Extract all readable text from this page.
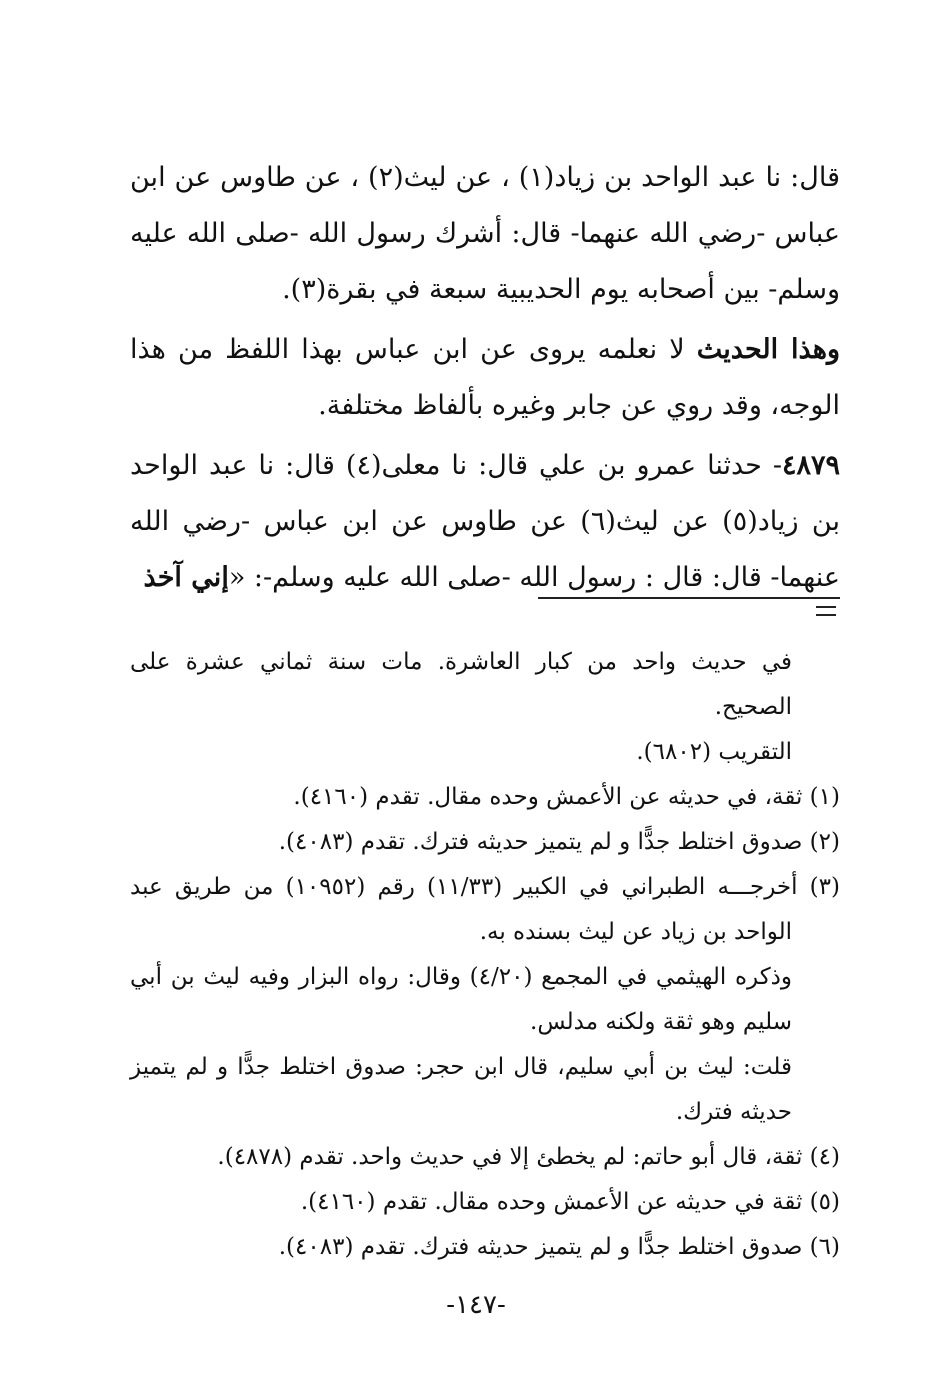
قال: نا عبد الواحد بن زياد(١) ، عن ليث(٢) ، عن طاوس عن ابن عباس -رضي الله عنهما- قال: أشرك رسول الله -صلى الله عليه وسلم- بين أصحابه يوم الحديبية سبعة في بقرة(٣).

وهذا الحديث لا نعلمه يروى عن ابن عباس بهذا اللفظ من هذا الوجه، وقد روي عن جابر وغيره بألفاظ مختلفة.

٤٨٧٩- حدثنا عمرو بن علي قال: نا معلى(٤) قال: نا عبد الواحد بن زياد(٥) عن ليث(٦) عن طاوس عن ابن عباس -رضي الله عنهما- قال: قال : رسول الله -صلى الله عليه وسلم-: «إني آخذ

في حديث واحد من كبار العاشرة. مات سنة ثماني عشرة على الصحيح.

التقريب (٦٨٠٢).

(١) ثقة، في حديثه عن الأعمش وحده مقال. تقدم (٤١٦٠).

(٢) صدوق اختلط جدًّا و لم يتميز حديثه فترك. تقدم (٤٠٨٣).

(٣) أخرجـــه الطبراني في الكبير (١١/٣٣) رقم (١٠٩٥٢) من طريق عبد الواحد بن زياد عن ليث بسنده به.

وذكره الهيثمي في المجمع (٤/٢٠) وقال: رواه البزار وفيه ليث بن أبي سليم وهو ثقة ولكنه مدلس.

قلت: ليث بن أبي سليم، قال ابن حجر: صدوق اختلط جدًّا و لم يتميز حديثه فترك.

(٤) ثقة، قال أبو حاتم: لم يخطئ إلا في حديث واحد. تقدم (٤٨٧٨).

(٥) ثقة في حديثه عن الأعمش وحده مقال. تقدم (٤١٦٠).

(٦) صدوق اختلط جدًّا و لم يتميز حديثه فترك. تقدم (٤٠٨٣).

-١٤٧-
